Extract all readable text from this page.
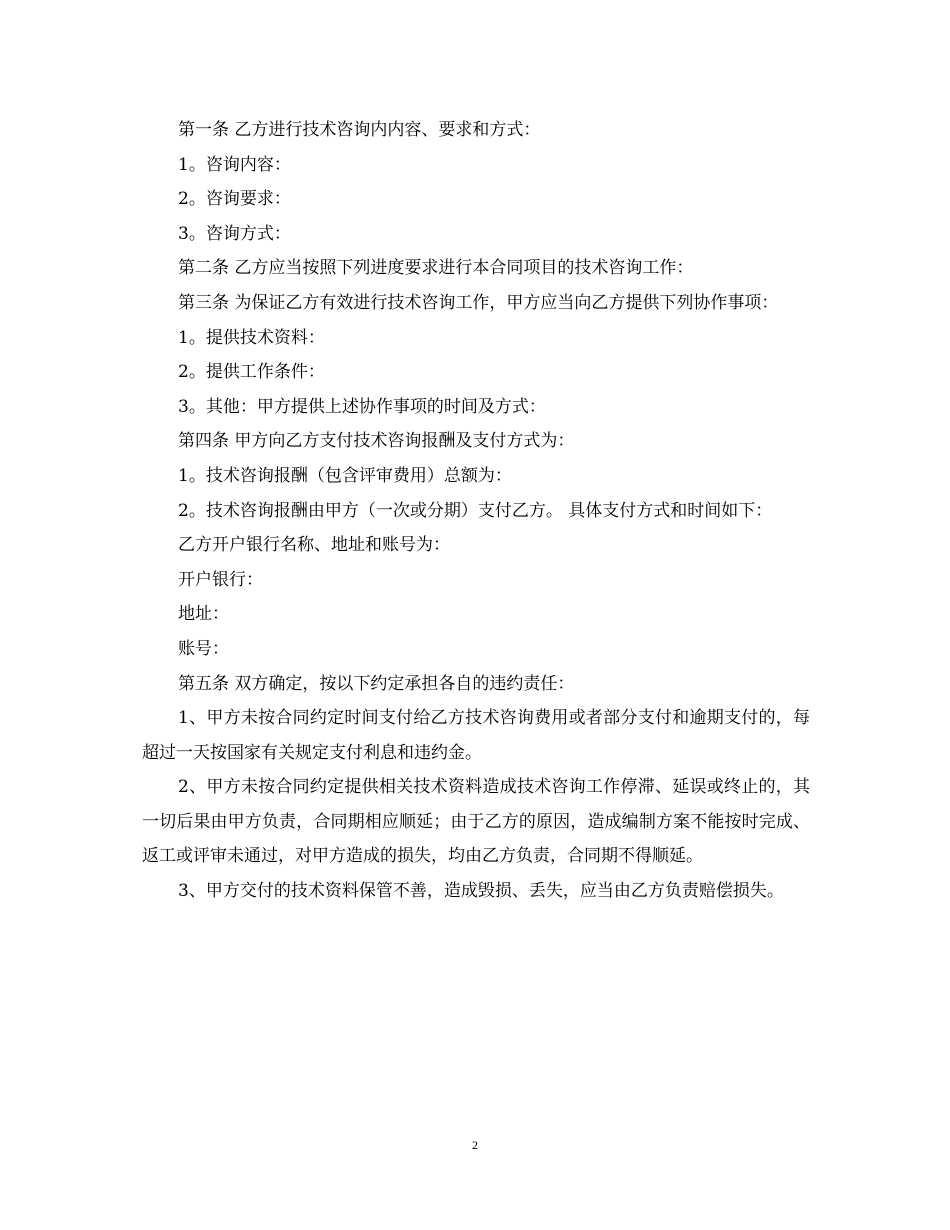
第一条 乙方进行技术咨询内内容、要求和方式：

1。咨询内容：

2。咨询要求：

3。咨询方式：

第二条 乙方应当按照下列进度要求进行本合同项目的技术咨询工作：

第三条 为保证乙方有效进行技术咨询工作，甲方应当向乙方提供下列协作事项：

1。提供技术资料：

2。提供工作条件：

3。其他：甲方提供上述协作事项的时间及方式：

第四条 甲方向乙方支付技术咨询报酬及支付方式为：

1。技术咨询报酬（包含评审费用）总额为：

2。技术咨询报酬由甲方（一次或分期）支付乙方。 具体支付方式和时间如下：

乙方开户银行名称、地址和账号为：

开户银行：

地址：

账号：

第五条 双方确定，按以下约定承担各自的违约责任：

1、甲方未按合同约定时间支付给乙方技术咨询费用或者部分支付和逾期支付的，每超过一天按国家有关规定支付利息和违约金。

2、甲方未按合同约定提供相关技术资料造成技术咨询工作停滞、延误或终止的，其一切后果由甲方负责，合同期相应顺延；由于乙方的原因，造成编制方案不能按时完成、返工或评审未通过，对甲方造成的损失，均由乙方负责，合同期不得顺延。

3、甲方交付的技术资料保管不善，造成毁损、丢失，应当由乙方负责赔偿损失。

2
